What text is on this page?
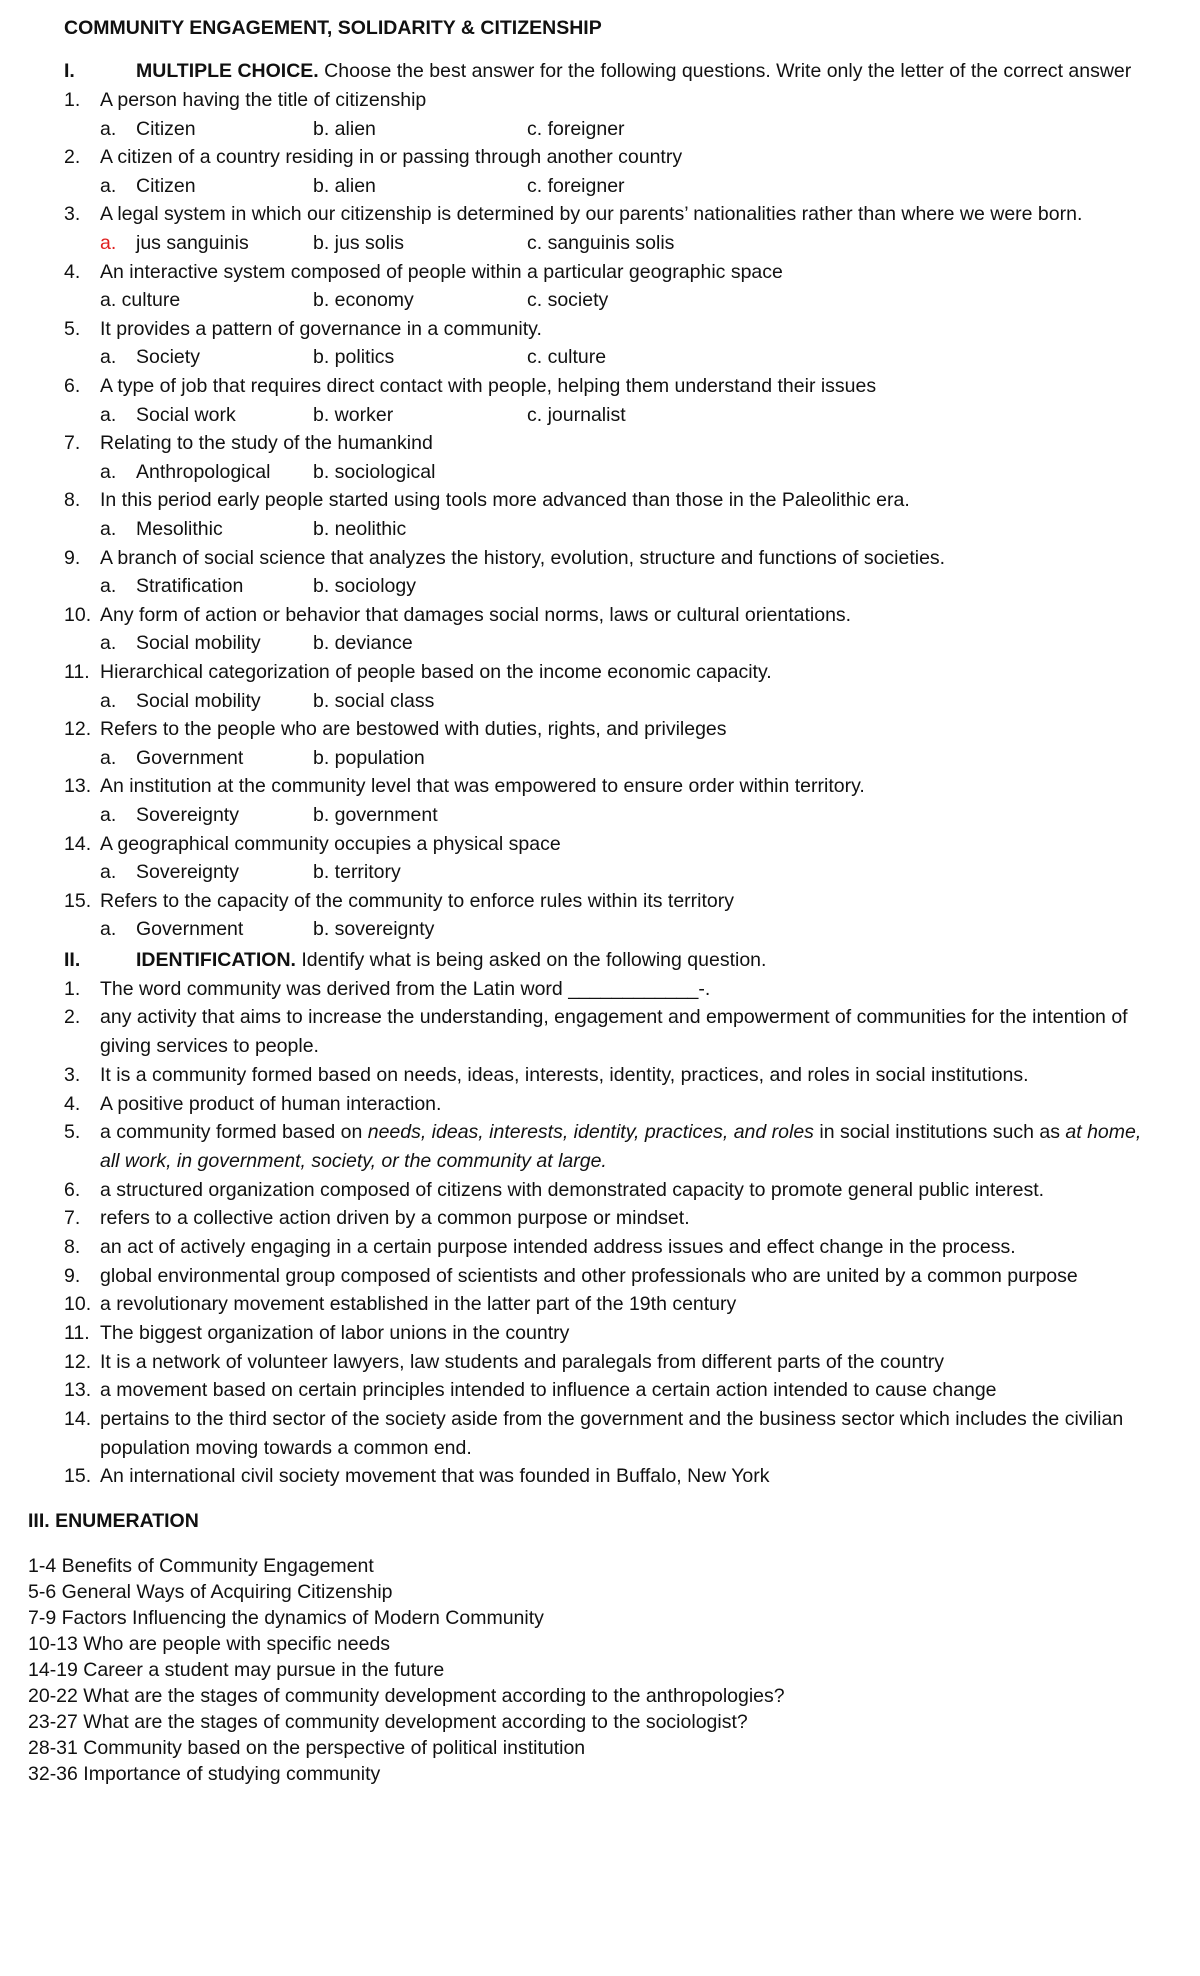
COMMUNITY ENGAGEMENT, SOLIDARITY & CITIZENSHIP
I.	MULTIPLE CHOICE. Choose the best answer for the following questions. Write only the letter of the correct answer
1. A person having the title of citizenship
a. Citizen	b. alien	c. foreigner
2. A citizen of a country residing in or passing through another country
a. Citizen	b. alien	c. foreigner
3. A legal system in which our citizenship is determined by our parents’ nationalities rather than where we were born.
a. jus sanguinis	b. jus solis	c. sanguinis solis
4. An interactive system composed of people within a particular geographic space
a. culture	b. economy	c. society
5. It provides a pattern of governance in a community.
a. Society	b. politics	c. culture
6. A type of job that requires direct contact with people, helping them understand their issues
a. Social work	b. worker	c. journalist
7. Relating to the study of the humankind
a. Anthropological b. sociological
8. In this period early people started using tools more advanced than those in the Paleolithic era.
a. Mesolithic	b. neolithic
9. A branch of social science that analyzes the history, evolution, structure and functions of societies.
a. Stratification	b. sociology
10. Any form of action or behavior that damages social norms, laws or cultural orientations.
a. Social mobility	b. deviance
11. Hierarchical categorization of people based on the income economic capacity.
a. Social mobility	b. social class
12. Refers to the people who are bestowed with duties, rights, and privileges
a. Government	b. population
13. An institution at the community level that was empowered to ensure order within territory.
a. Sovereignty	b. government
14. A geographical community occupies a physical space
a. Sovereignty	b. territory
15. Refers to the capacity of the community to enforce rules within its territory
a. Government	b. sovereignty
II.	IDENTIFICATION. Identify what is being asked on the following question.
1. The word community was derived from the Latin word ____________-.
2. any activity that aims to increase the understanding, engagement and empowerment of communities for the intention of giving services to people.
3. It is a community formed based on needs, ideas, interests, identity, practices, and roles in social institutions.
4. A positive product of human interaction.
5. a community formed based on needs, ideas, interests, identity, practices, and roles in social institutions such as at home,
all work, in government, society, or the community at large.
6. a structured organization composed of citizens with demonstrated capacity to promote general public interest.
7. refers to a collective action driven by a common purpose or mindset.
8. an act of actively engaging in a certain purpose intended address issues and effect change in the process.
9. global environmental group composed of scientists and other professionals who are united by a common purpose
10. a revolutionary movement established in the latter part of the 19th century
11. The biggest organization of labor unions in the country
12. It is a network of volunteer lawyers, law students and paralegals from different parts of the country
13. a movement based on certain principles intended to influence a certain action intended to cause change
14. pertains to the third sector of the society aside from the government and the business sector which includes the civilian population moving towards a common end.
15. An international civil society movement that was founded in Buffalo, New York
III. ENUMERATION
1-4 Benefits of Community Engagement
5-6 General Ways of Acquiring Citizenship
7-9 Factors Influencing the dynamics of Modern Community
10-13 Who are people with specific needs
14-19 Career a student may pursue in the future
20-22 What are the stages of community development according to the anthropologies?
23-27 What are the stages of community development according to the sociologist?
28-31 Community based on the perspective of political institution
32-36 Importance of studying community
